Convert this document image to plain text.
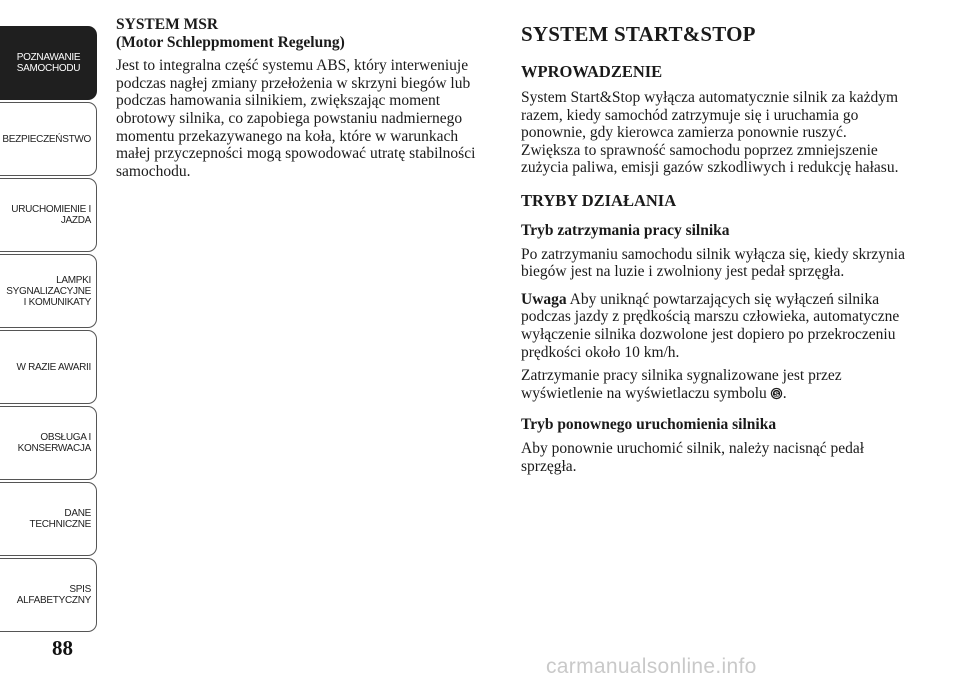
POZNAWANIE
SAMOCHODU
BEZPIECZEŃSTWO
URUCHOMIENIE I
JAZDA
LAMPKI
SYGNALIZACYJNE
I KOMUNIKATY
W RAZIE AWARII
OBSŁUGA I
KONSERWACJA
DANE
TECHNICZNE
SPIS
ALFABETYCZNY
88
SYSTEM MSR
(Motor Schleppmoment Regelung)

Jest to integralna część systemu ABS, który interweniuje podczas nagłej zmiany przełożenia w skrzyni biegów lub podczas hamowania silnikiem, zwiększając moment obrotowy silnika, co zapobiega powstaniu nadmiernego momentu przekazywanego na koła, które w warunkach małej przyczepności mogą spowodować utratę stabilności samochodu.

SYSTEM START&STOP
WPROWADZENIE

System Start&Stop wyłącza automatycznie silnik za każdym razem, kiedy samochód zatrzymuje się i uruchamia go ponownie, gdy kierowca zamierza ponownie ruszyć. Zwiększa to sprawność samochodu poprzez zmniejszenie zużycia paliwa, emisji gazów szkodliwych i redukcję hałasu.

TRYBY DZIAŁANIA
Tryb zatrzymania pracy silnika

Po zatrzymaniu samochodu silnik wyłącza się, kiedy skrzynia biegów jest na luzie i zwolniony jest pedał sprzęgła.

Uwaga Aby uniknąć powtarzających się wyłączeń silnika podczas jazdy z prędkością marszu człowieka, automatyczne wyłączenie silnika dozwolone jest dopiero po przekroczeniu prędkości około 10 km/h.

Zatrzymanie pracy silnika sygnalizowane jest przez wyświetlenie na wyświetlaczu symbolu S .

Tryb ponownego uruchomienia silnika

Aby ponownie uruchomić silnik, należy nacisnąć pedał sprzęgła.

carmanualsonline.info
